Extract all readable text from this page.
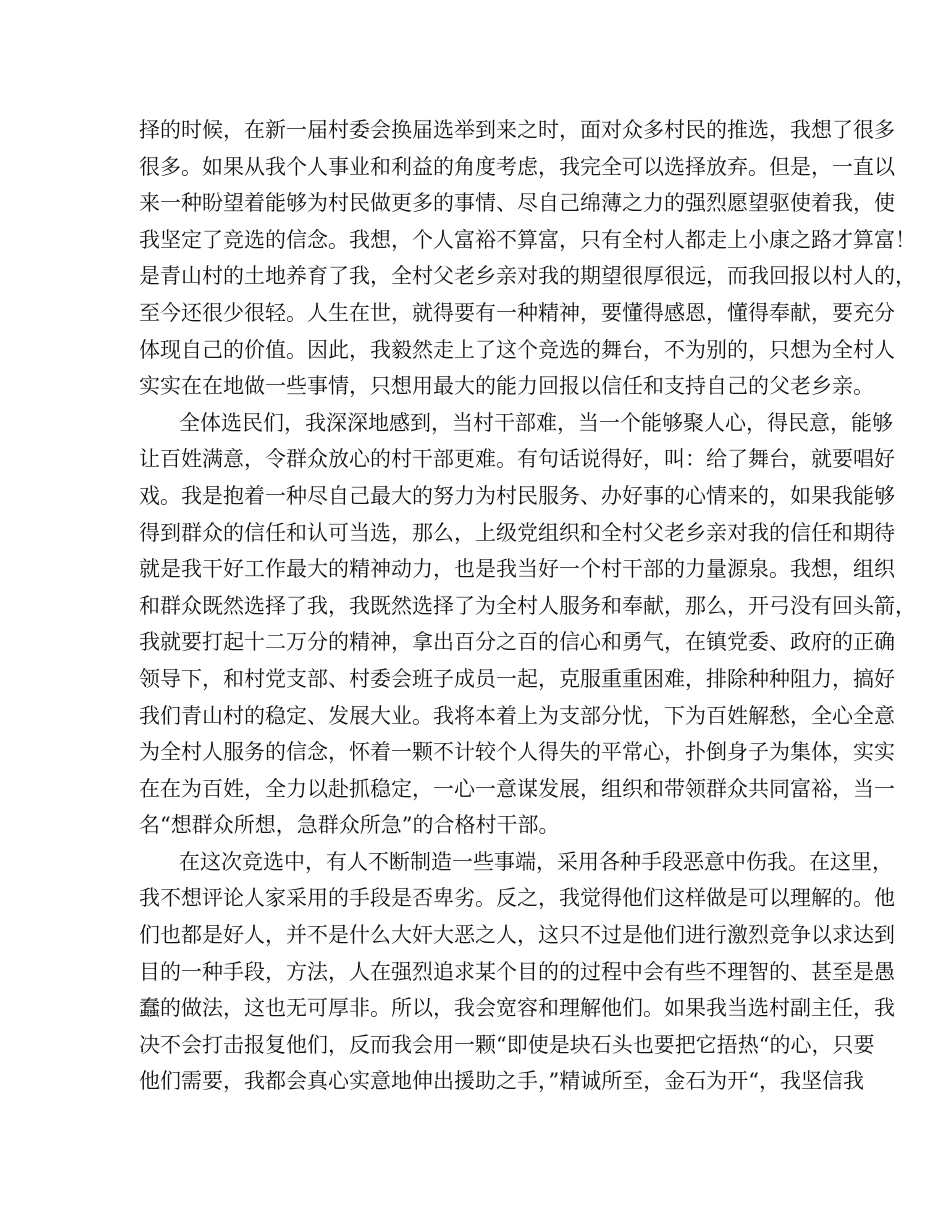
择的时候，在新一届村委会换届选举到来之时，面对众多村民的推选，我想了很多
很多。如果从我个人事业和利益的角度考虑，我完全可以选择放弃。但是，一直以
来一种盼望着能够为村民做更多的事情、尽自己绵薄之力的强烈愿望驱使着我，使
我坚定了竞选的信念。我想，个人富裕不算富，只有全村人都走上小康之路才算富！
是青山村的土地养育了我，全村父老乡亲对我的期望很厚很远，而我回报以村人的，
至今还很少很轻。人生在世，就得要有一种精神，要懂得感恩，懂得奉献，要充分
体现自己的价值。因此，我毅然走上了这个竞选的舞台，不为别的，只想为全村人
实实在在地做一些事情，只想用最大的能力回报以信任和支持自己的父老乡亲。
全体选民们，我深深地感到，当村干部难，当一个能够聚人心，得民意，能够
让百姓满意，令群众放心的村干部更难。有句话说得好，叫：给了舞台，就要唱好
戏。我是抱着一种尽自己最大的努力为村民服务、办好事的心情来的，如果我能够
得到群众的信任和认可当选，那么，上级党组织和全村父老乡亲对我的信任和期待
就是我干好工作最大的精神动力，也是我当好一个村干部的力量源泉。我想，组织
和群众既然选择了我，我既然选择了为全村人服务和奉献，那么，开弓没有回头箭，
我就要打起十二万分的精神，拿出百分之百的信心和勇气，在镇党委、政府的正确
领导下，和村党支部、村委会班子成员一起，克服重重困难，排除种种阻力，搞好
我们青山村的稳定、发展大业。我将本着上为支部分忧，下为百姓解愁，全心全意
为全村人服务的信念，怀着一颗不计较个人得失的平常心，扑倒身子为集体，实实
在在为百姓，全力以赴抓稳定，一心一意谋发展，组织和带领群众共同富裕，当一
名“想群众所想，急群众所急”的合格村干部。
在这次竞选中，有人不断制造一些事端，采用各种手段恶意中伤我。在这里，
我不想评论人家采用的手段是否卑劣。反之，我觉得他们这样做是可以理解的。他
们也都是好人，并不是什么大奸大恶之人，这只不过是他们进行激烈竞争以求达到
目的一种手段，方法，人在强烈追求某个目的的过程中会有些不理智的、甚至是愚
蠢的做法，这也无可厚非。所以，我会宽容和理解他们。如果我当选村副主任，我
决不会打击报复他们，反而我会用一颗“即使是块石头也要把它捂热“的心，只要
他们需要，我都会真心实意地伸出援助之手，”精诚所至，金石为开“，我坚信我
